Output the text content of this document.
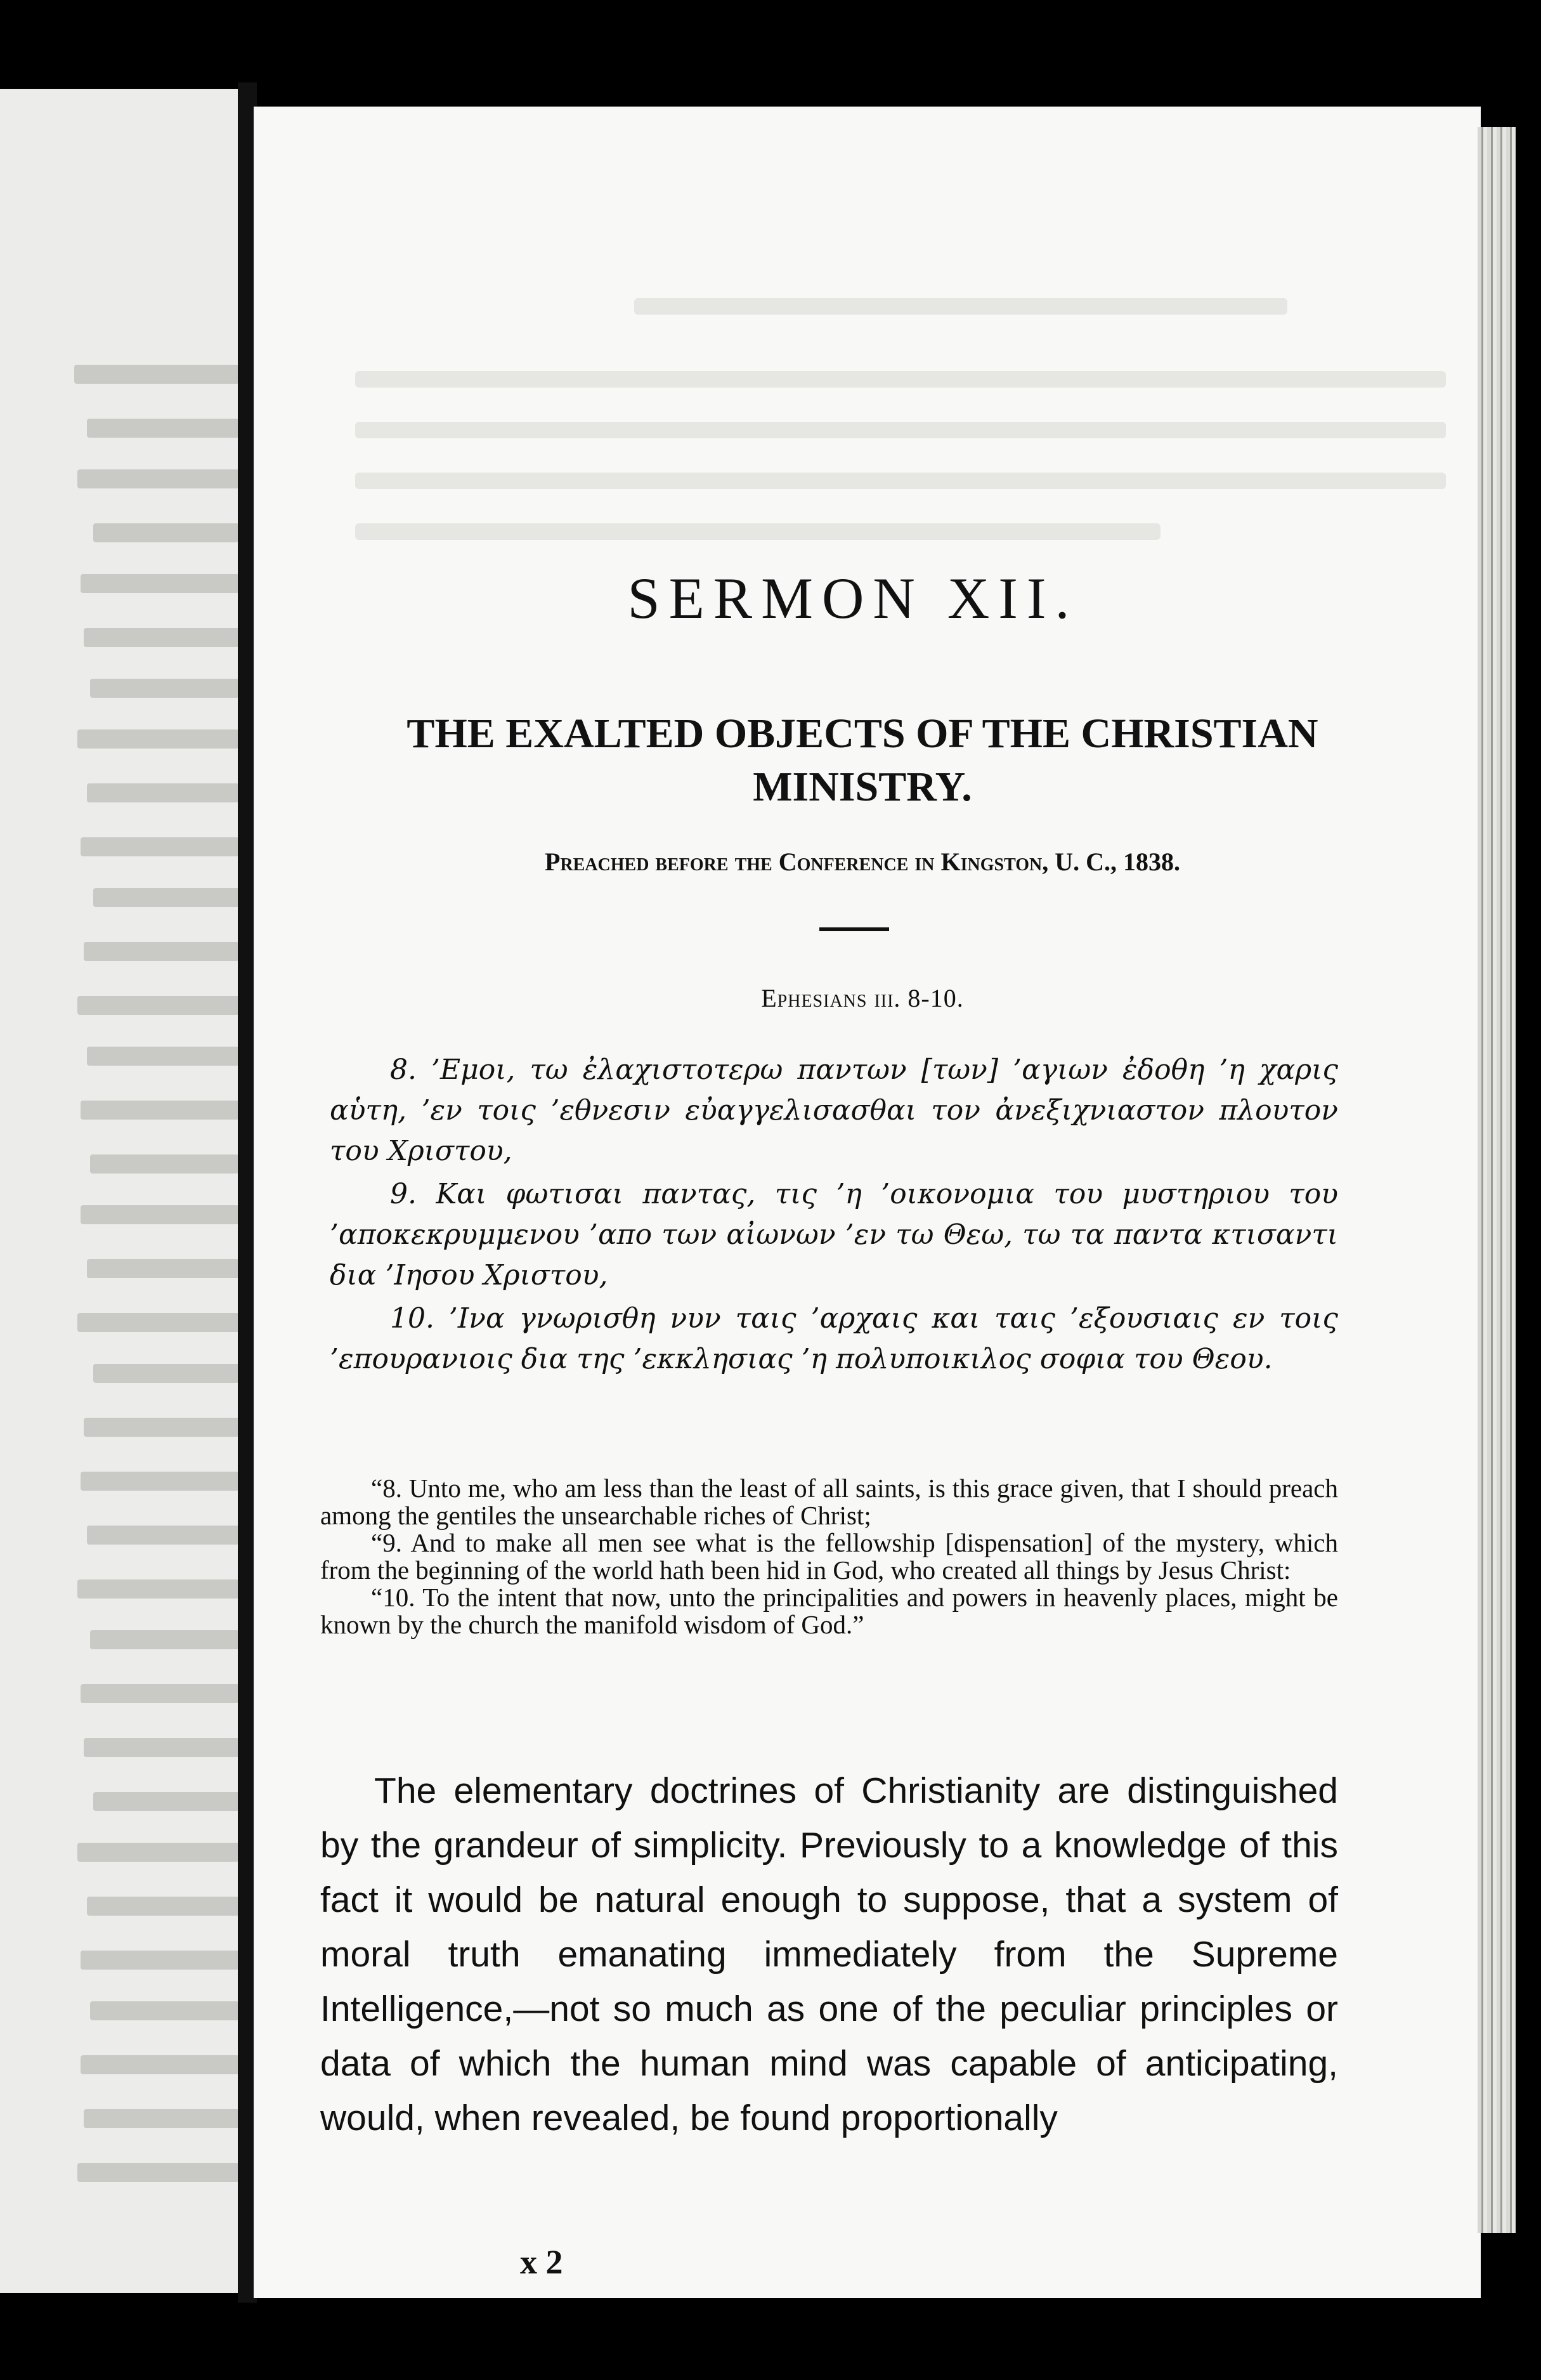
SERMON XII.
THE EXALTED OBJECTS OF THE CHRISTIAN MINISTRY.

Preached before the Conference in Kingston, U. C., 1838.

Ephesians iii. 8-10.

8. ’Εμοι, τω ἐλαχιστοτερω παντων [των] ’αγιων ἐδοθη ’η χαρις αὑτη, ’εν τοις ’εθνεσιν εὐαγγελισασθαι τον ἀνεξιχνιαστον πλουτον του Χριστου,

9. Και φωτισαι παντας, τις ’η ’οικονομια του μυστηριου του ’αποκεκρυμμενου ’απο των αἰωνων ’εν τω Θεω, τω τα παντα κτισαντι δια ’Ιησου Χριστου,

10. ’Ινα γνωρισθη νυν ταις ’αρχαις και ταις ’εξουσιαις εν τοις ’επουρανιοις δια της ’εκκλησιας ’η πολυποικιλος σοφια του Θεου.

“8. Unto me, who am less than the least of all saints, is this grace given, that I should preach among the gentiles the unsearchable riches of Christ;

“9. And to make all men see what is the fellowship [dispensation] of the mystery, which from the beginning of the world hath been hid in God, who created all things by Jesus Christ:

“10. To the intent that now, unto the principalities and powers in heavenly places, might be known by the church the manifold wisdom of God.”

The elementary doctrines of Christianity are distinguished by the grandeur of simplicity. Previously to a knowledge of this fact it would be natural enough to suppose, that a system of moral truth emanating immediately from the Supreme Intelligence,—not so much as one of the peculiar principles or data of which the human mind was capable of anticipating, would, when revealed, be found proportionally

x 2
